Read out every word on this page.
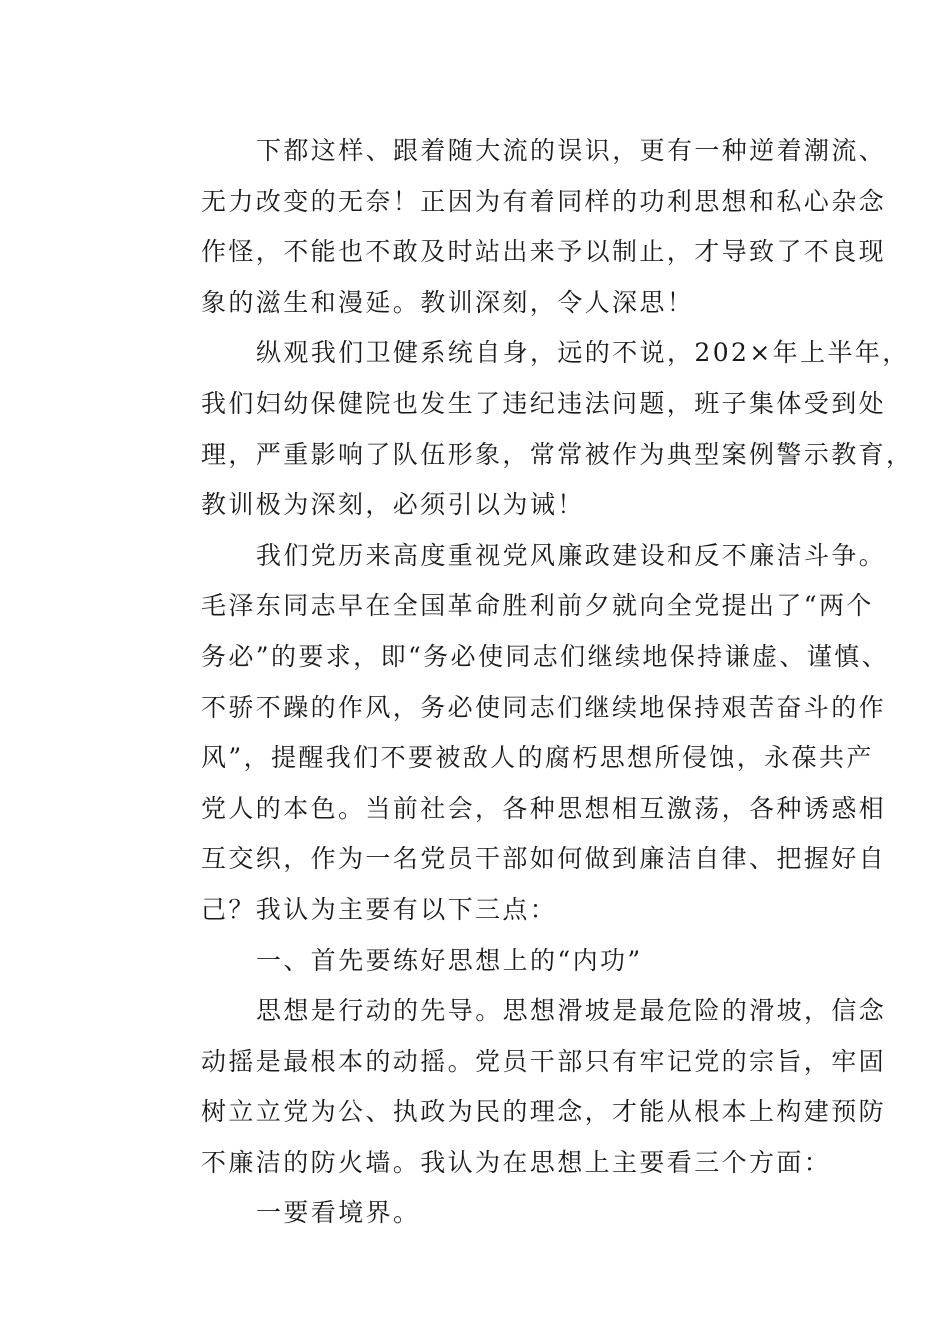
下都这样、跟着随大流的误识，更有一种逆着潮流、
无力改变的无奈！正因为有着同样的功利思想和私心杂念
作怪，不能也不敢及时站出来予以制止，才导致了不良现
象的滋生和漫延。教训深刻，令人深思！
纵观我们卫健系统自身，远的不说，202×年上半年，
我们妇幼保健院也发生了违纪违法问题，班子集体受到处
理，严重影响了队伍形象，常常被作为典型案例警示教育，
教训极为深刻，必须引以为诫！
我们党历来高度重视党风廉政建设和反不廉洁斗争。
毛泽东同志早在全国革命胜利前夕就向全党提出了“两个
务必”的要求，即“务必使同志们继续地保持谦虚、谨慎、
不骄不躁的作风，务必使同志们继续地保持艰苦奋斗的作
风”，提醒我们不要被敌人的腐朽思想所侵蚀，永葆共产
党人的本色。当前社会，各种思想相互激荡，各种诱惑相
互交织，作为一名党员干部如何做到廉洁自律、把握好自
己？我认为主要有以下三点：
一、首先要练好思想上的“内功”
思想是行动的先导。思想滑坡是最危险的滑坡，信念
动摇是最根本的动摇。党员干部只有牢记党的宗旨，牢固
树立立党为公、执政为民的理念，才能从根本上构建预防
不廉洁的防火墙。我认为在思想上主要看三个方面：
一要看境界。
